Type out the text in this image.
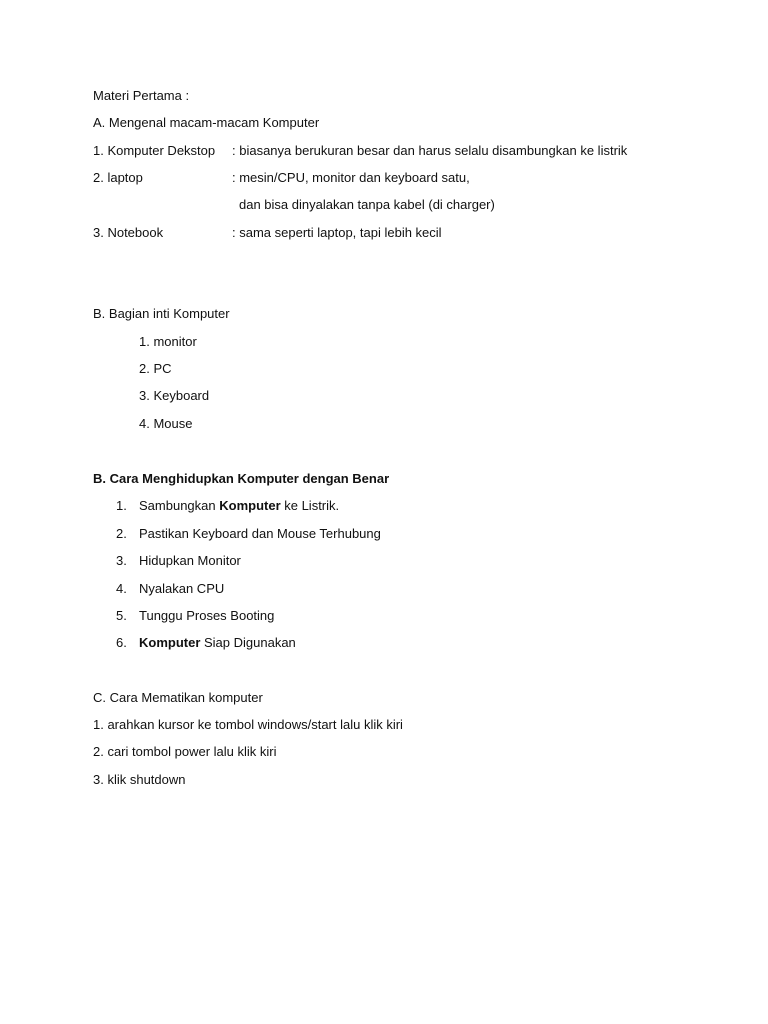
Materi Pertama :
A. Mengenal macam-macam Komputer
1. Komputer Dekstop : biasanya berukuran besar dan harus selalu disambungkan ke listrik
2. laptop	: mesin/CPU, monitor dan keyboard satu,
dan bisa dinyalakan tanpa kabel (di charger)
3. Notebook	: sama seperti laptop, tapi lebih kecil
B. Bagian inti Komputer
1. monitor
2. PC
3. Keyboard
4. Mouse
B. Cara Menghidupkan Komputer dengan Benar
1. Sambungkan Komputer ke Listrik.
2. Pastikan Keyboard dan Mouse Terhubung
3. Hidupkan Monitor
4. Nyalakan CPU
5. Tunggu Proses Booting
6. Komputer Siap Digunakan
C. Cara Mematikan komputer
1. arahkan kursor ke tombol windows/start lalu klik kiri
2. cari tombol power lalu klik kiri
3. klik shutdown
